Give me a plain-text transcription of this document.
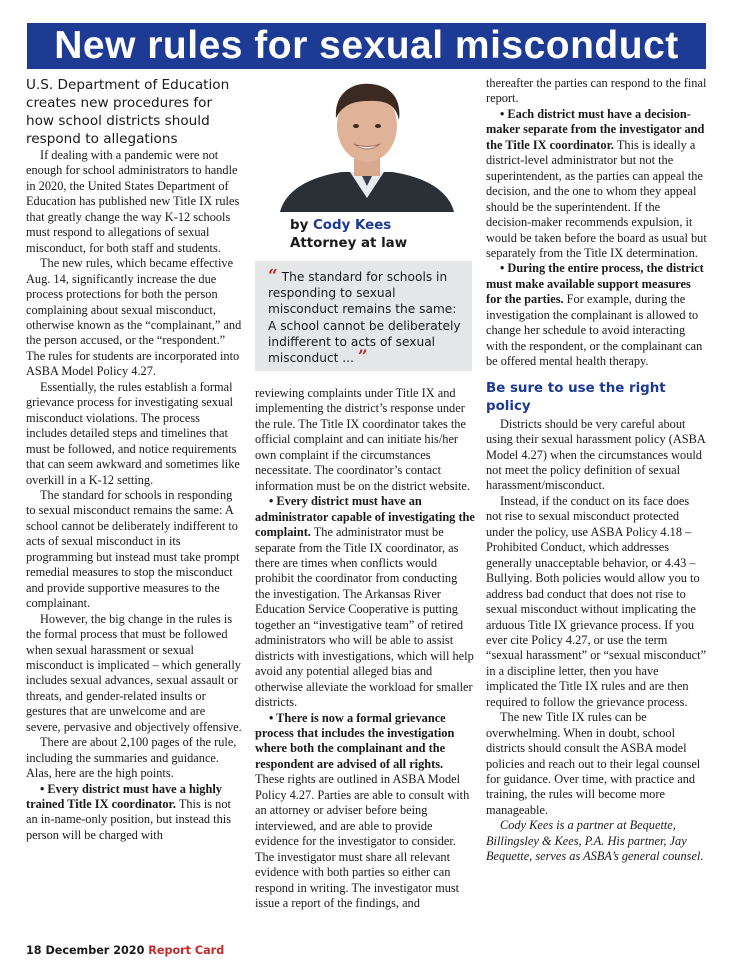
New rules for sexual misconduct

U.S. Department of Education creates new procedures for how school districts should respond to allegations

If dealing with a pandemic were not enough for school administrators to handle in 2020, the United States Department of Education has published new Title IX rules that greatly change the way K-12 schools must respond to allegations of sexual misconduct, for both staff and students.

The new rules, which became effective Aug. 14, significantly increase the due process protections for both the person complaining about sexual misconduct, otherwise known as the “complainant,” and the person accused, or the “respondent.” The rules for students are incorporated into ASBA Model Policy 4.27.

Essentially, the rules establish a formal grievance process for investigating sexual misconduct violations. The process includes detailed steps and timelines that must be followed, and notice requirements that can seem awkward and sometimes like overkill in a K-12 setting.

The standard for schools in responding to sexual misconduct remains the same: A school cannot be deliberately indifferent to acts of sexual misconduct in its programming but instead must take prompt remedial measures to stop the misconduct and provide supportive measures to the complainant.

However, the big change in the rules is the formal process that must be followed when sexual harassment or sexual misconduct is implicated – which generally includes sexual advances, sexual assault or threats, and gender-related insults or gestures that are unwelcome and are severe, pervasive and objectively offensive.

There are about 2,100 pages of the rule, including the summaries and guidance. Alas, here are the high points.

• Every district must have a highly trained Title IX coordinator. This is not an in-name-only position, but instead this person will be charged with

by Cody Kees
Attorney at law
“ The standard for schools in responding to sexual misconduct remains the same: A school cannot be deliberately indifferent to acts of sexual misconduct ... ”

reviewing complaints under Title IX and implementing the district’s response under the rule. The Title IX coordinator takes the official complaint and can initiate his/her own complaint if the circumstances necessitate. The coordinator’s contact information must be on the district website.

• Every district must have an administrator capable of investigating the complaint. The administrator must be separate from the Title IX coordinator, as there are times when conflicts would prohibit the coordinator from conducting the investigation. The Arkansas River Education Service Cooperative is putting together an “investigative team” of retired administrators who will be able to assist districts with investigations, which will help avoid any potential alleged bias and otherwise alleviate the workload for smaller districts.

• There is now a formal grievance process that includes the investigation where both the complainant and the respondent are advised of all rights. These rights are outlined in ASBA Model Policy 4.27. Parties are able to consult with an attorney or adviser before being interviewed, and are able to provide evidence for the investigator to consider. The investigator must share all relevant evidence with both parties so either can respond in writing. The investigator must issue a report of the findings, and

thereafter the parties can respond to the final report.

• Each district must have a decision-maker separate from the investigator and the Title IX coordinator. This is ideally a district-level administrator but not the superintendent, as the parties can appeal the decision, and the one to whom they appeal should be the superintendent. If the decision-maker recommends expulsion, it would be taken before the board as usual but separately from the Title IX determination.

• During the entire process, the district must make available support measures for the parties. For example, during the investigation the complainant is allowed to change her schedule to avoid interacting with the respondent, or the complainant can be offered mental health therapy.

Be sure to use the right policy

Districts should be very careful about using their sexual harassment policy (ASBA Model 4.27) when the circumstances would not meet the policy definition of sexual harassment/misconduct.

Instead, if the conduct on its face does not rise to sexual misconduct protected under the policy, use ASBA Policy 4.18 – Prohibited Conduct, which addresses generally unacceptable behavior, or 4.43 – Bullying. Both policies would allow you to address bad conduct that does not rise to sexual misconduct without implicating the arduous Title IX grievance process. If you ever cite Policy 4.27, or use the term “sexual harassment” or “sexual misconduct” in a discipline letter, then you have implicated the Title IX rules and are then required to follow the grievance process.

The new Title IX rules can be overwhelming. When in doubt, school districts should consult the ASBA model policies and reach out to their legal counsel for guidance. Over time, with practice and training, the rules will become more manageable.

Cody Kees is a partner at Bequette, Billingsley & Kees, P.A. His partner, Jay Bequette, serves as ASBA’s general counsel.

18 December 2020 Report Card
